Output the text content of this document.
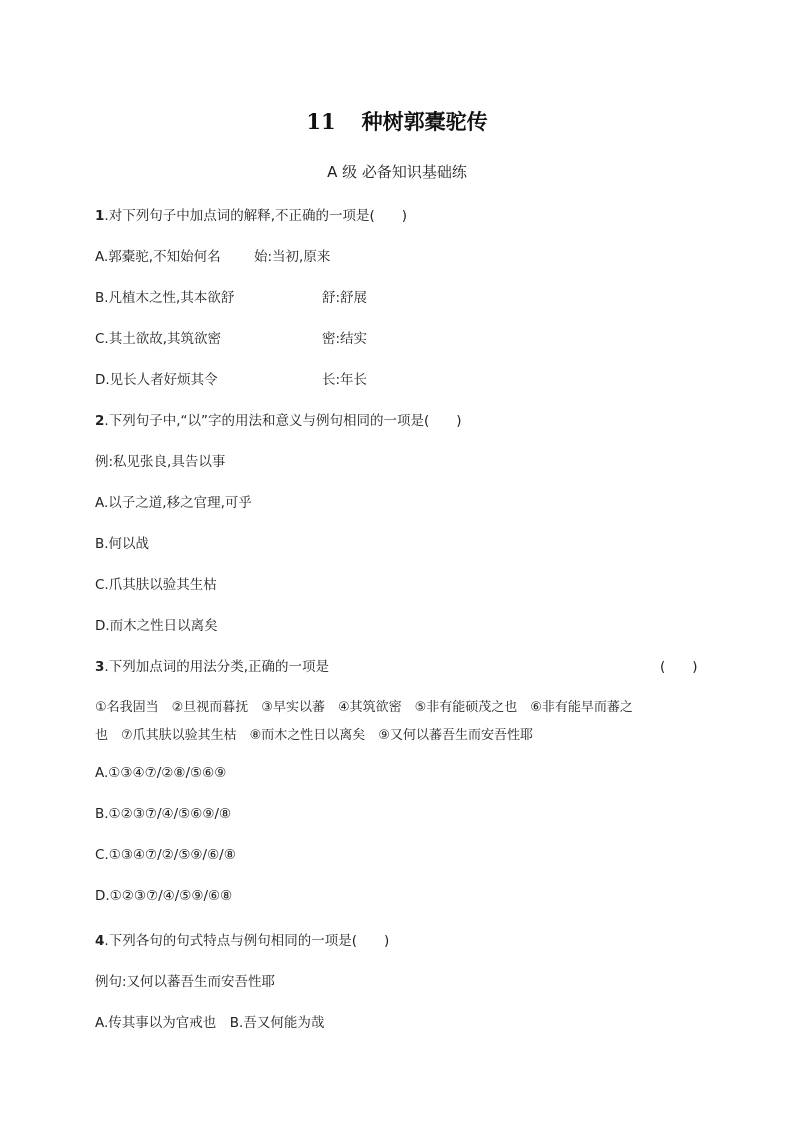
11 种树郭橐驼传
A 级 必备知识基础练
1.对下列句子中加点词的解释,不正确的一项是(　　)
A.郭橐驼,不知始何名 始:当初,原来
B.凡植木之性,其本欲舒	舒:舒展
C.其土欲故,其筑欲密	密:结实
D.见长人者好烦其令	长:年长
2.下列句子中,“以”字的用法和意义与例句相同的一项是(　　)
例:私见张良,具告以事
A.以子之道,移之官理,可乎
B.何以战
C.爪其肤以验其生枯
D.而木之性日以离矣
3.下列加点词的用法分类,正确的一项是	(　　)
①名我固当　②旦视而暮抚　③早实以蕃　④其筑欲密　⑤非有能硕茂之也　⑥非有能早而蕃之
也　⑦爪其肤以验其生枯　⑧而木之性日以离矣　⑨又何以蕃吾生而安吾性耶
A.①③④⑦/②⑧/⑤⑥⑨
B.①②③⑦/④/⑤⑥⑨/⑧
C.①③④⑦/②/⑤⑨/⑥/⑧
D.①②③⑦/④/⑤⑨/⑥⑧
4.下列各句的句式特点与例句相同的一项是(　　)
例句:又何以蕃吾生而安吾性耶
A.传其事以为官戒也　B.吾又何能为哉
